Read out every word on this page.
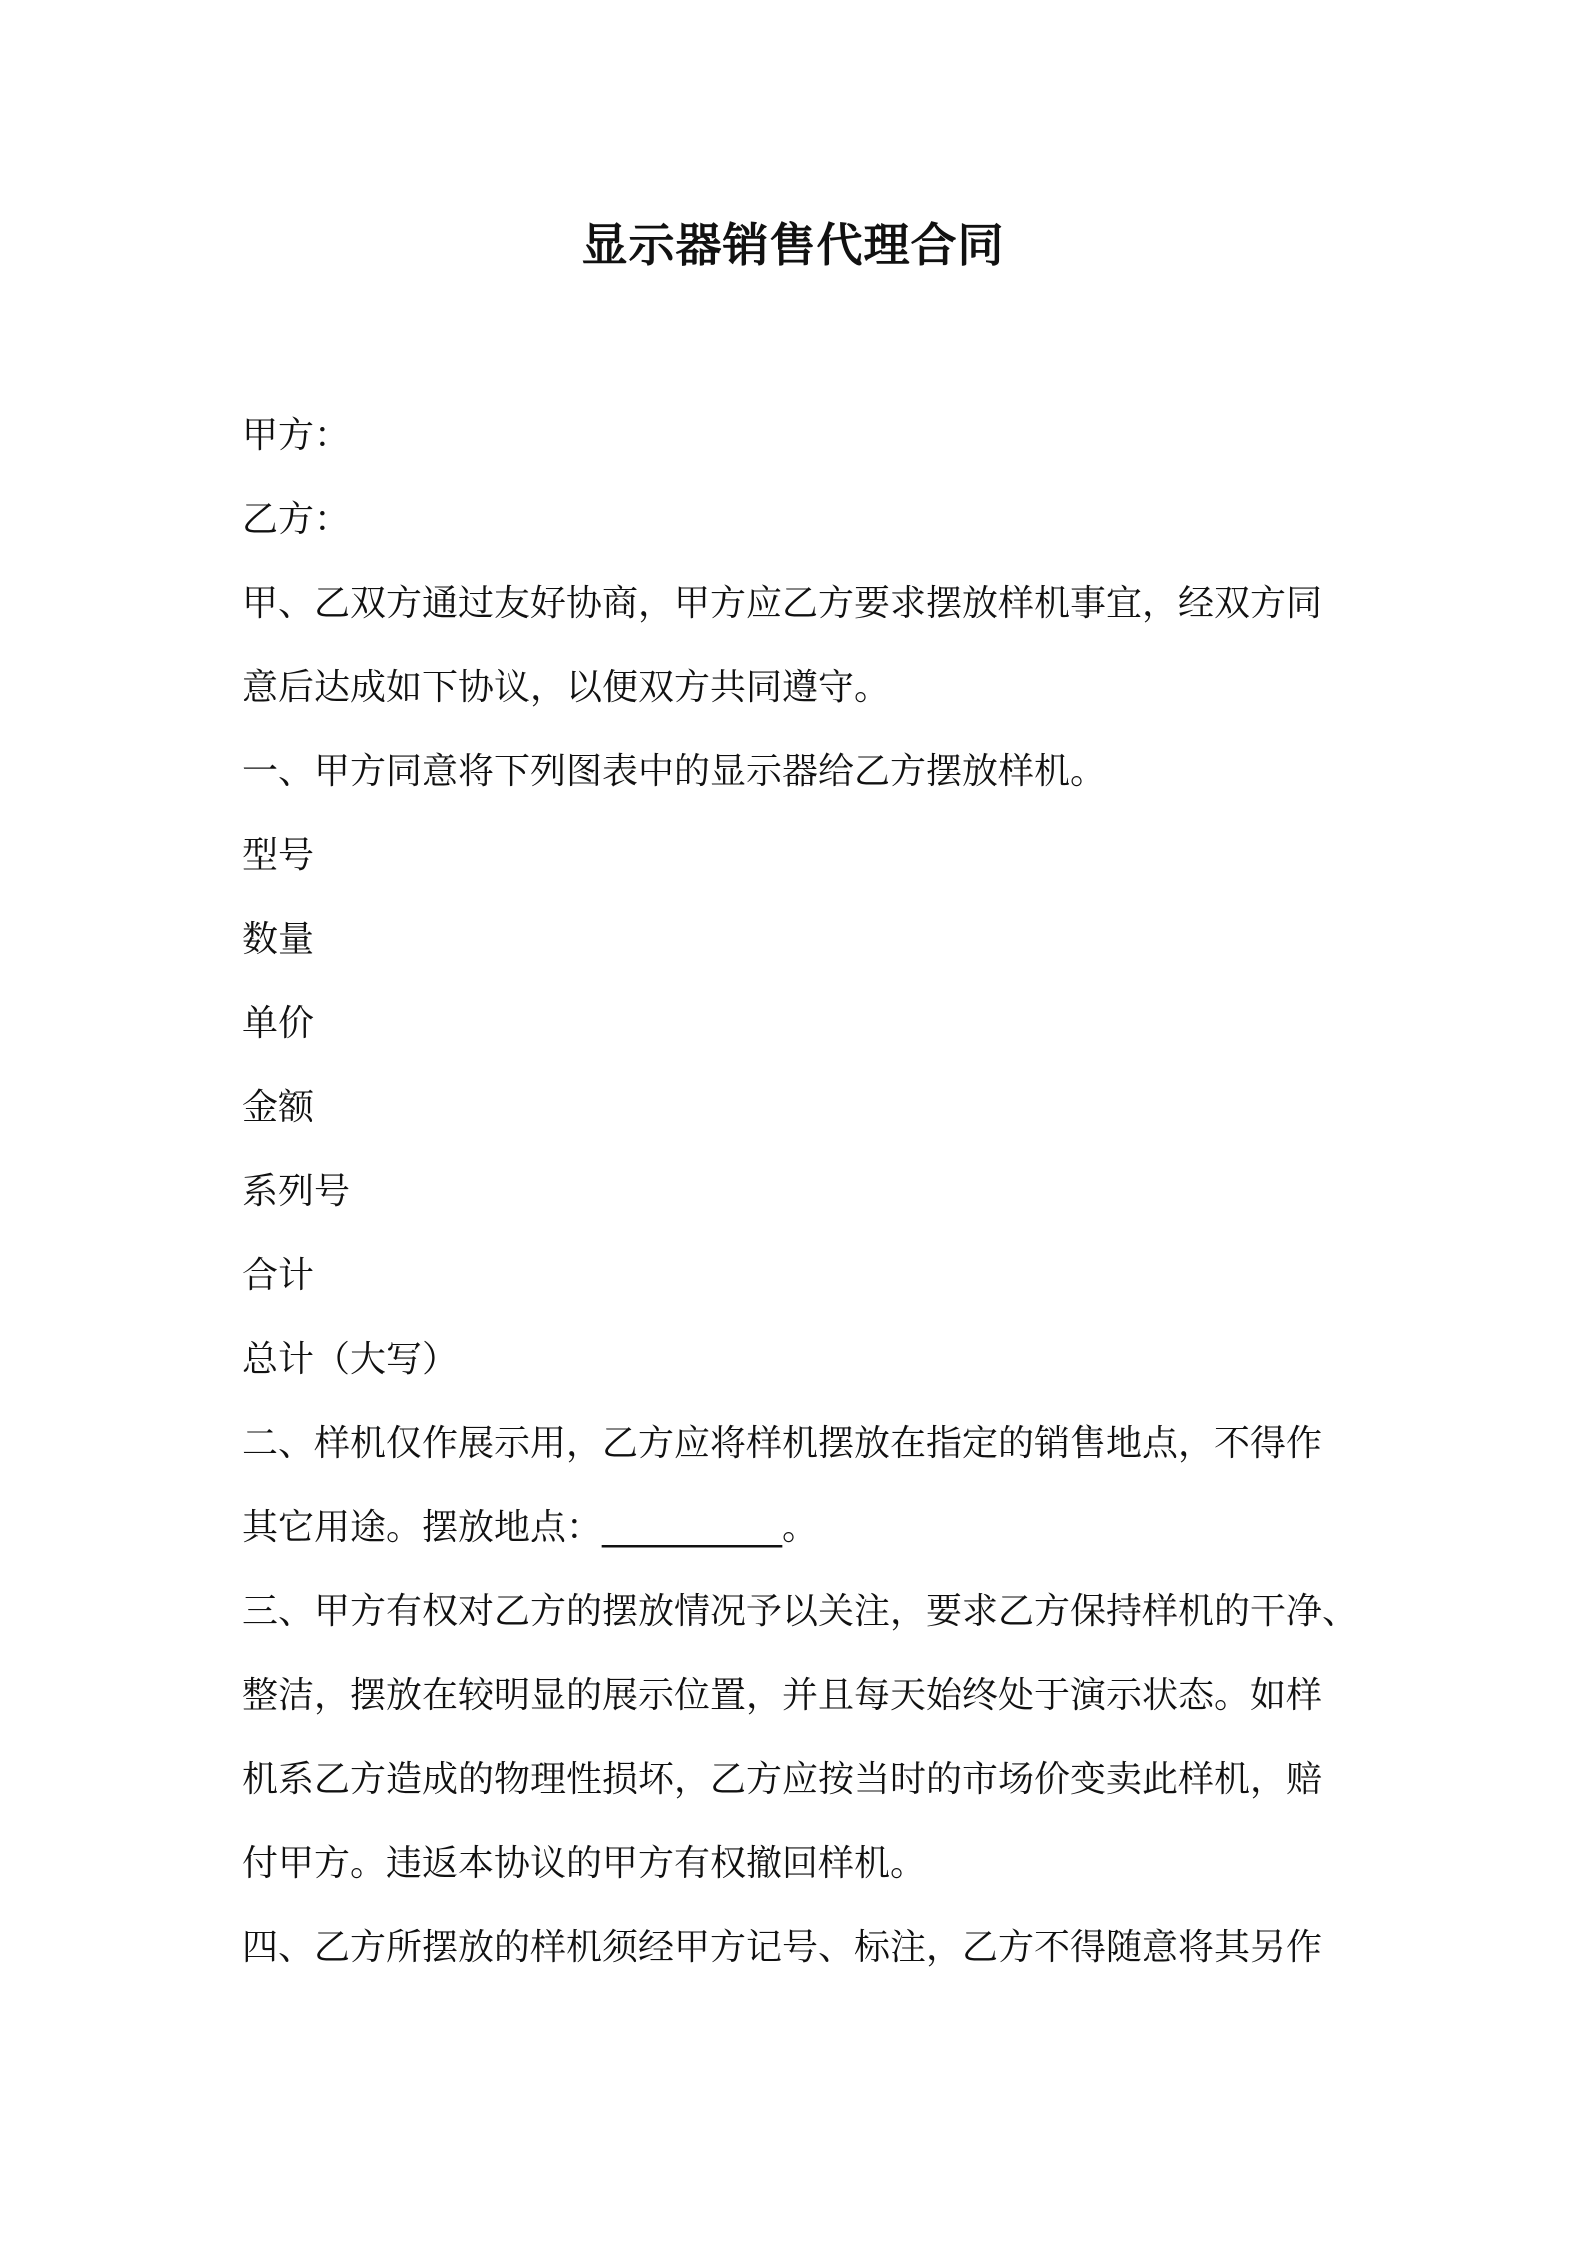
显示器销售代理合同
甲方：
乙方：
甲、乙双方通过友好协商，甲方应乙方要求摆放样机事宜，经双方同
意后达成如下协议，以便双方共同遵守。
一、甲方同意将下列图表中的显示器给乙方摆放样机。
型号
数量
单价
金额
系列号
合计
总计（大写）
二、样机仅作展示用，乙方应将样机摆放在指定的销售地点，不得作
其它用途。摆放地点：__________。
三、甲方有权对乙方的摆放情况予以关注，要求乙方保持样机的干净、
整洁，摆放在较明显的展示位置，并且每天始终处于演示状态。如样
机系乙方造成的物理性损坏，乙方应按当时的市场价变卖此样机，赔
付甲方。违返本协议的甲方有权撤回样机。
四、乙方所摆放的样机须经甲方记号、标注，乙方不得随意将其另作
